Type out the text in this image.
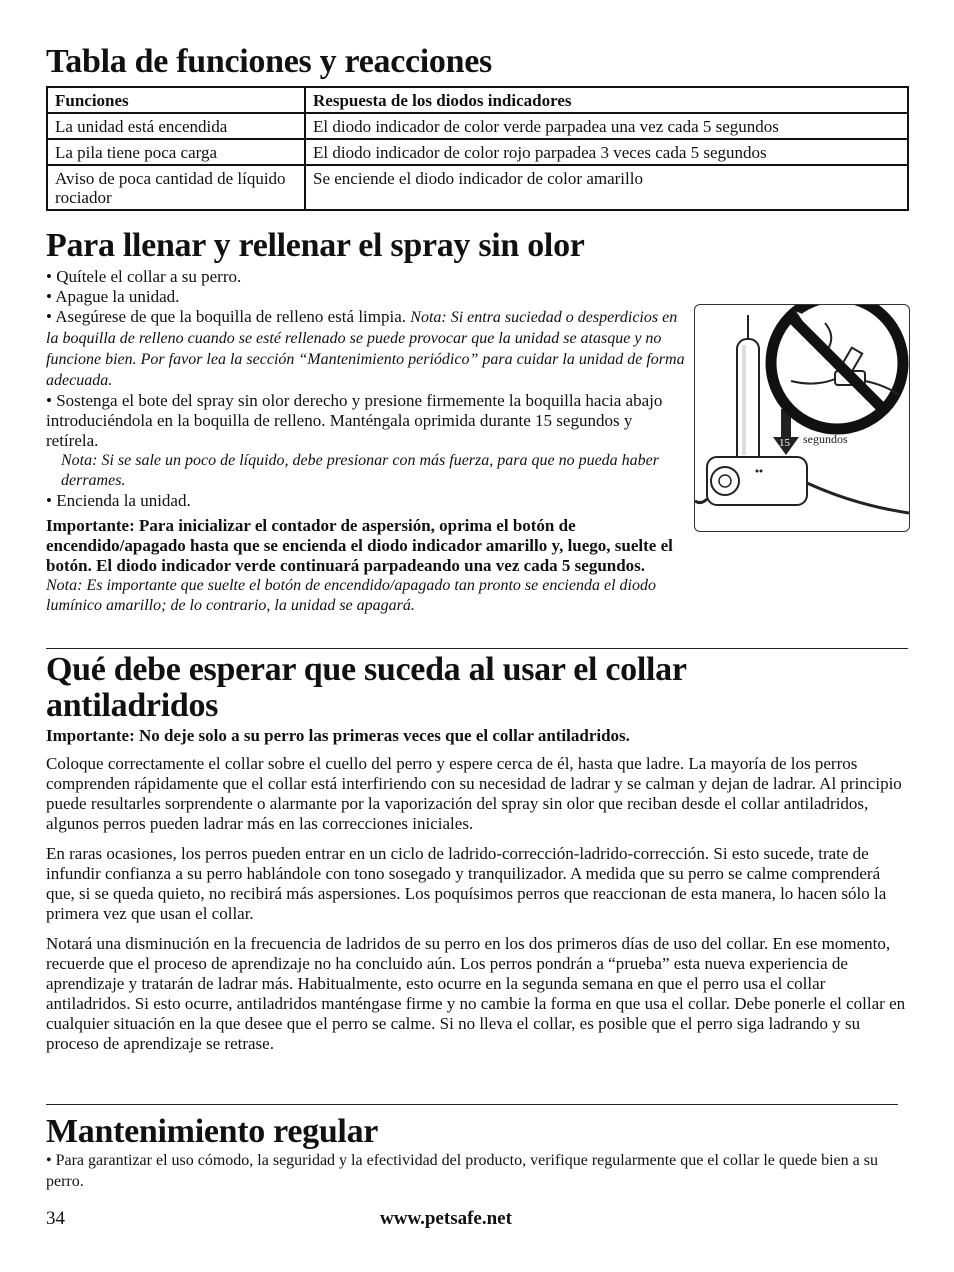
Tabla de funciones y reacciones
Funciones	Respuesta de los diodos indicadores
La unidad está encendida	El diodo indicador de color verde parpadea una vez cada 5 segundos
La pila tiene poca carga	El diodo indicador de color rojo parpadea 3 veces cada 5 segundos
Aviso de poca cantidad de líquido rociador	Se enciende el diodo indicador de color amarillo
Para llenar y rellenar el spray sin olor
• Quítele el collar a su perro.
• Apague la unidad.
• Asegúrese de que la boquilla de relleno está limpia. Nota: Si entra suciedad o desperdicios en la boquilla de relleno cuando se esté rellenado se puede provocar que la unidad se atasque y no funcione bien. Por favor lea la sección “Mantenimiento periódico” para cuidar la unidad de forma adecuada.
• Sostenga el bote del spray sin olor derecho y presione firmemente la boquilla hacia abajo introduciéndola en la boquilla de relleno. Manténgala oprimida durante 15 segundos y retírela.
Nota: Si se sale un poco de líquido, debe presionar con más fuerza, para que no pueda haber derrames.
• Encienda la unidad.
15 segundos
Importante: Para inicializar el contador de aspersión, oprima el botón de encendido/apagado hasta que se encienda el diodo indicador amarillo y, luego, suelte el botón. El diodo indicador verde continuará parpadeando una vez cada 5 segundos.
Nota: Es importante que suelte el botón de encendido/apagado tan pronto se encienda el diodo lumínico amarillo; de lo contrario, la unidad se apagará.
Qué debe esperar que suceda al usar el collar antiladridos

Importante: No deje solo a su perro las primeras veces que el collar antiladridos.

Coloque correctamente el collar sobre el cuello del perro y espere cerca de él, hasta que ladre. La mayoría de los perros comprenden rápidamente que el collar está interfiriendo con su necesidad de ladrar y se calman y dejan de ladrar. Al principio puede resultarles sorprendente o alarmante por la vaporización del spray sin olor que reciban desde el collar antiladridos, algunos perros pueden ladrar más en las correcciones iniciales.

En raras ocasiones, los perros pueden entrar en un ciclo de ladrido-corrección-ladrido-corrección. Si esto sucede, trate de infundir confianza a su perro hablándole con tono sosegado y tranquilizador. A medida que su perro se calme comprenderá que, si se queda quieto, no recibirá más aspersiones. Los poquísimos perros que reaccionan de esta manera, lo hacen sólo la primera vez que usan el collar.

Notará una disminución en la frecuencia de ladridos de su perro en los dos primeros días de uso del collar. En ese momento, recuerde que el proceso de aprendizaje no ha concluido aún. Los perros pondrán a “prueba” esta nueva experiencia de aprendizaje y tratarán de ladrar más. Habitualmente, esto ocurre en la segunda semana en que el perro usa el collar antiladridos. Si esto ocurre, antiladridos manténgase firme y no cambie la forma en que usa el collar. Debe ponerle el collar en cualquier situación en la que desee que el perro se calme. Si no lleva el collar, es posible que el perro siga ladrando y su proceso de aprendizaje se retrase.

Mantenimiento regular
• Para garantizar el uso cómodo, la seguridad y la efectividad del producto, verifique regularmente que el collar le quede bien a su perro.
34	www.petsafe.net
